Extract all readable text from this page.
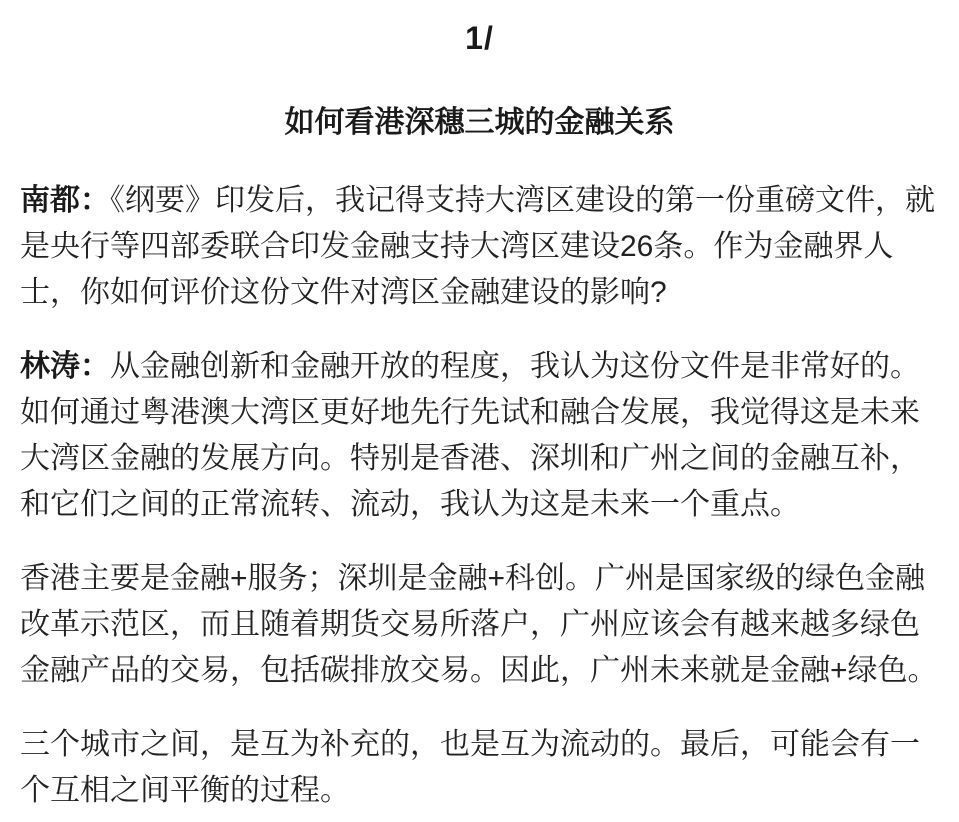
1/
如何看港深穗三城的金融关系

南都：《纲要》印发后，我记得支持大湾区建设的第一份重磅文件，就是央行等四部委联合印发金融支持大湾区建设26条。作为金融界人士，你如何评价这份文件对湾区金融建设的影响?

林涛：从金融创新和金融开放的程度，我认为这份文件是非常好的。如何通过粤港澳大湾区更好地先行先试和融合发展，我觉得这是未来大湾区金融的发展方向。特别是香港、深圳和广州之间的金融互补，和它们之间的正常流转、流动，我认为这是未来一个重点。

香港主要是金融+服务；深圳是金融+科创。广州是国家级的绿色金融改革示范区，而且随着期货交易所落户，广州应该会有越来越多绿色金融产品的交易，包括碳排放交易。因此，广州未来就是金融+绿色。

三个城市之间，是互为补充的，也是互为流动的。最后，可能会有一个互相之间平衡的过程。
